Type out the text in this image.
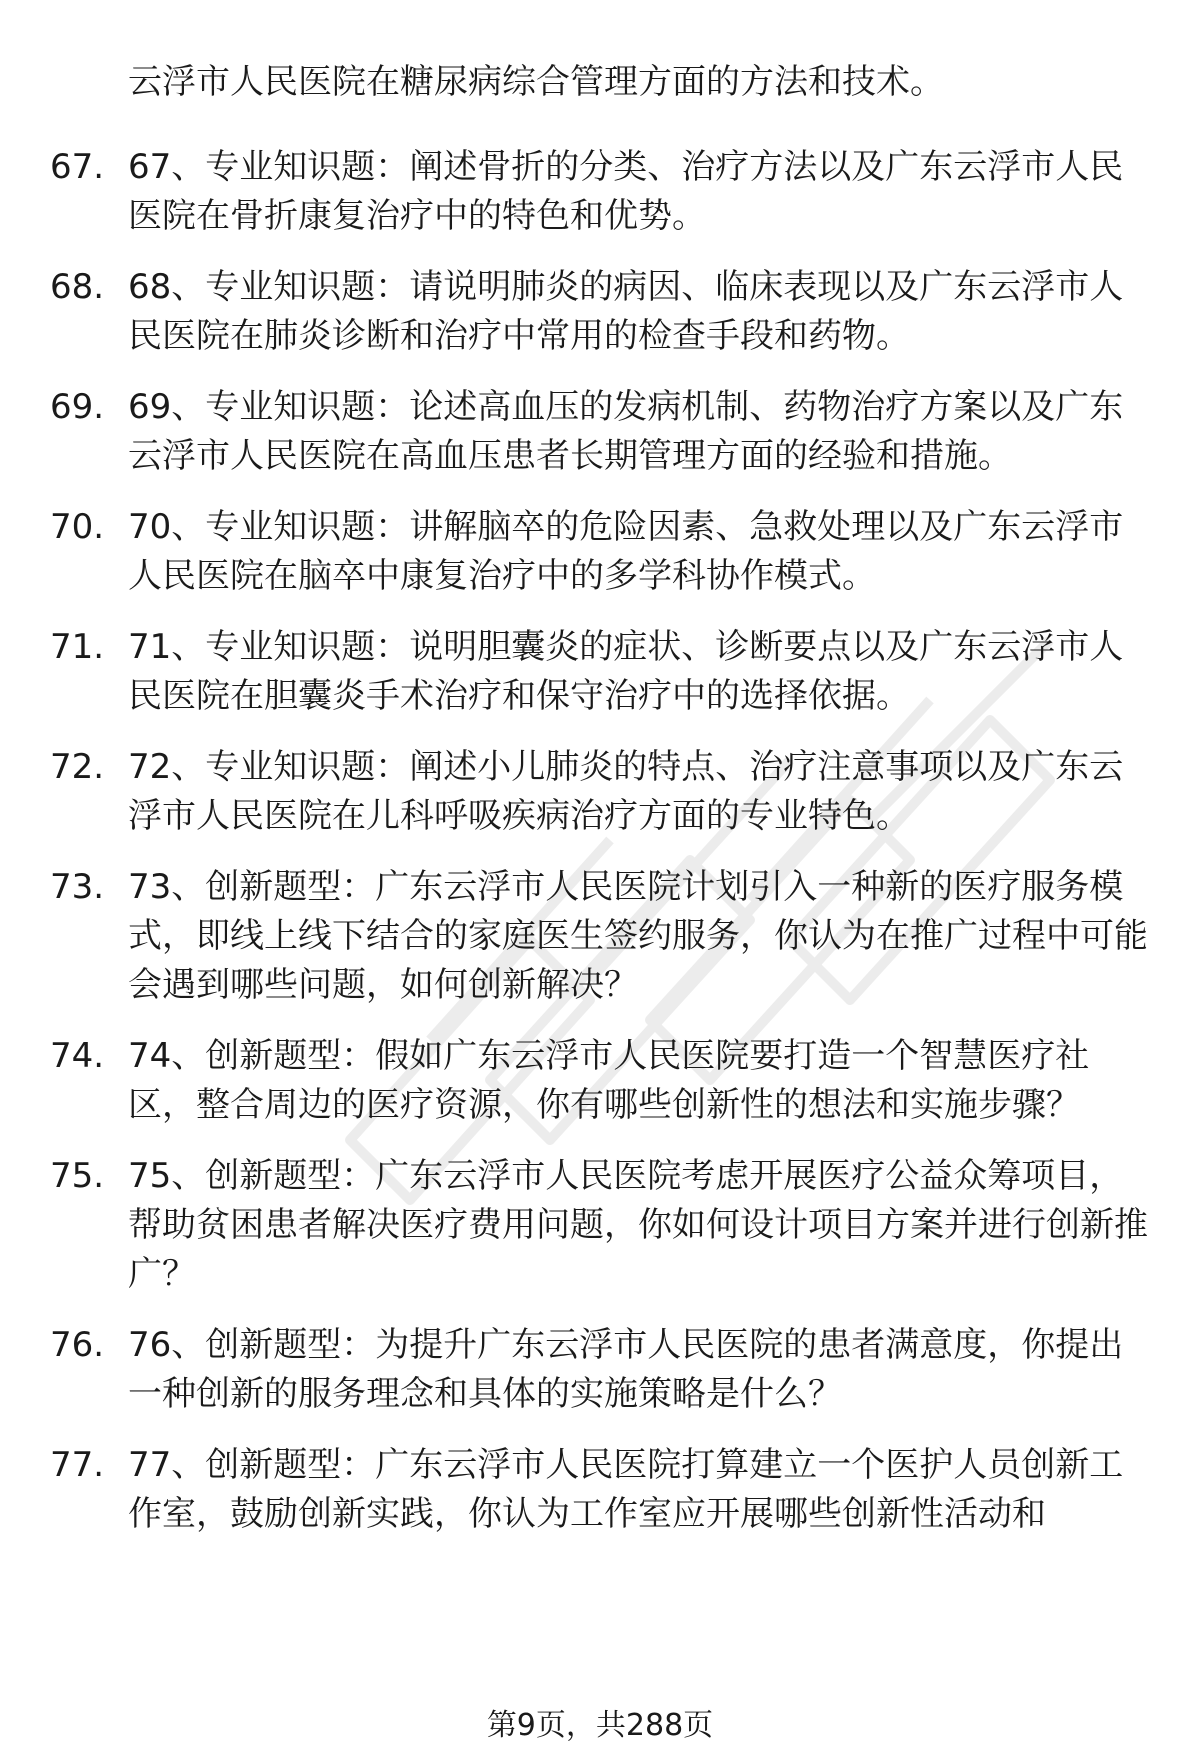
云浮市人民医院在糖尿病综合管理方面的方法和技术。
67. 67、专业知识题：阐述骨折的分类、治疗方法以及广东云浮市人民医院在骨折康复治疗中的特色和优势。
68. 68、专业知识题：请说明肺炎的病因、临床表现以及广东云浮市人民医院在肺炎诊断和治疗中常用的检查手段和药物。
69. 69、专业知识题：论述高血压的发病机制、药物治疗方案以及广东云浮市人民医院在高血压患者长期管理方面的经验和措施。
70. 70、专业知识题：讲解脑卒的危险因素、急救处理以及广东云浮市人民医院在脑卒中康复治疗中的多学科协作模式。
71. 71、专业知识题：说明胆囊炎的症状、诊断要点以及广东云浮市人民医院在胆囊炎手术治疗和保守治疗中的选择依据。
72. 72、专业知识题：阐述小儿肺炎的特点、治疗注意事项以及广东云浮市人民医院在儿科呼吸疾病治疗方面的专业特色。
73. 73、创新题型：广东云浮市人民医院计划引入一种新的医疗服务模式，即线上线下结合的家庭医生签约服务，你认为在推广过程中可能会遇到哪些问题，如何创新解决？
74. 74、创新题型：假如广东云浮市人民医院要打造一个智慧医疗社区，整合周边的医疗资源，你有哪些创新性的想法和实施步骤？
75. 75、创新题型：广东云浮市人民医院考虑开展医疗公益众筹项目，帮助贫困患者解决医疗费用问题，你如何设计项目方案并进行创新推广？
76. 76、创新题型：为提升广东云浮市人民医院的患者满意度，你提出一种创新的服务理念和具体的实施策略是什么？
77. 77、创新题型：广东云浮市人民医院打算建立一个医护人员创新工作室，鼓励创新实践，你认为工作室应开展哪些创新性活动和
第9页，共288页
